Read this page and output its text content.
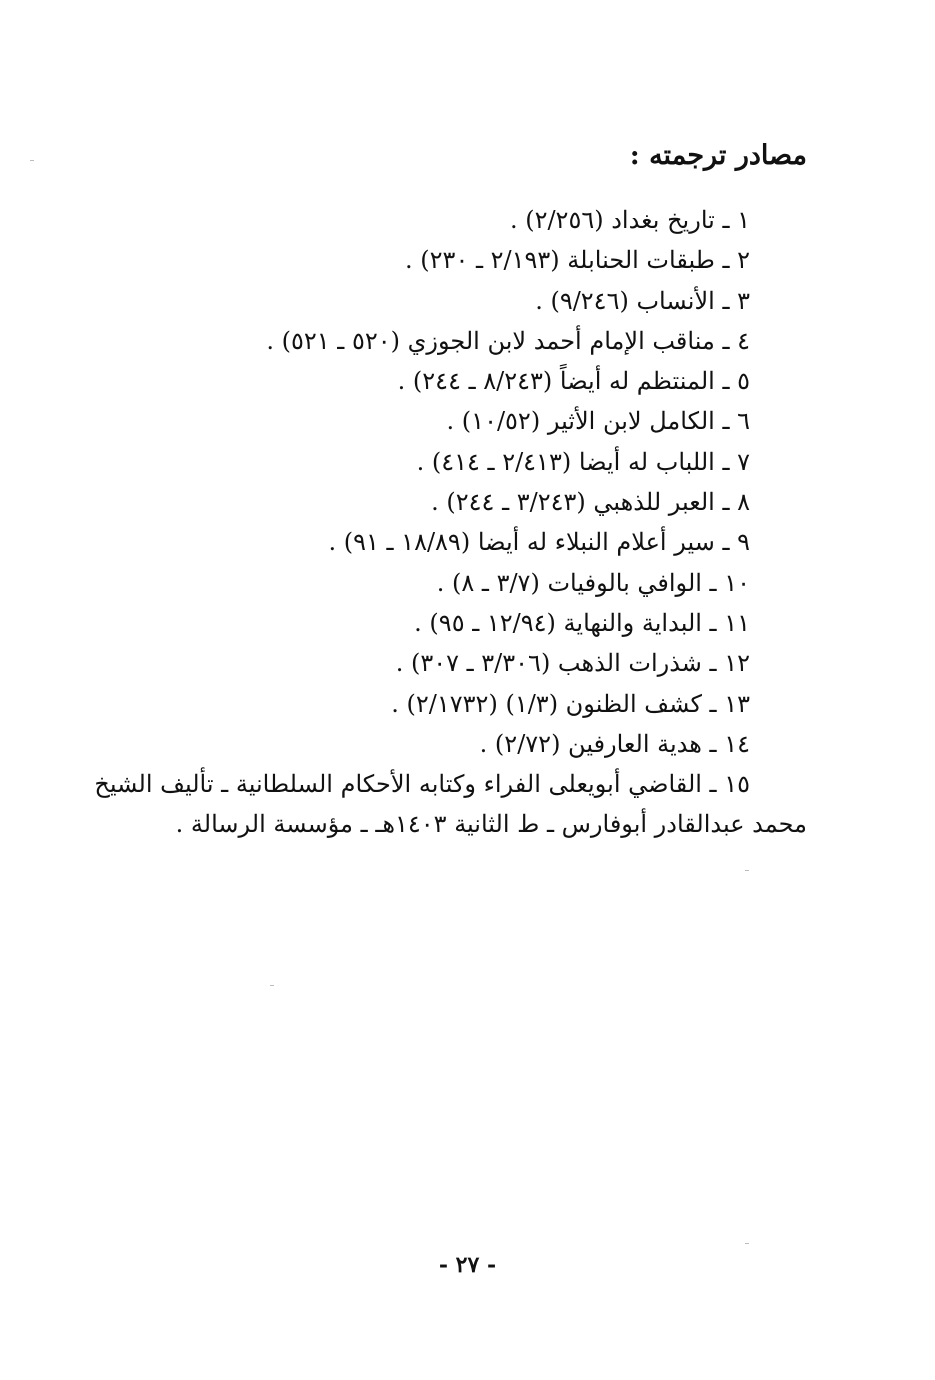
مصادر ترجمته :
١ ـ تاريخ بغداد (٢/٢٥٦) .
٢ ـ طبقات الحنابلة (٢/١٩٣ ـ ٢٣٠) .
٣ ـ الأنساب (٩/٢٤٦) .
٤ ـ مناقب الإمام أحمد لابن الجوزي (٥٢٠ ـ ٥٢١) .
٥ ـ المنتظم له أيضاً (٨/٢٤٣ ـ ٢٤٤) .
٦ ـ الكامل لابن الأثير (١٠/٥٢) .
٧ ـ اللباب له أيضا (٢/٤١٣ ـ ٤١٤) .
٨ ـ العبر للذهبي (٣/٢٤٣ ـ ٢٤٤) .
٩ ـ سير أعلام النبلاء له أيضا (١٨/٨٩ ـ ٩١) .
١٠ ـ الوافي بالوفيات (٣/٧ ـ ٨) .
١١ ـ البداية والنهاية (١٢/٩٤ ـ ٩٥) .
١٢ ـ شذرات الذهب (٣/٣٠٦ ـ ٣٠٧) .
١٣ ـ كشف الظنون (١/٣) (٢/١٧٣٢) .
١٤ ـ هدية العارفين (٢/٧٢) .
١٥ ـ القاضي أبويعلى الفراء وكتابه الأحكام السلطانية ـ تأليف الشيخ
محمد عبدالقادر أبوفارس ـ ط الثانية ١٤٠٣هـ ـ مؤسسة الرسالة .
- ٢٧ -
